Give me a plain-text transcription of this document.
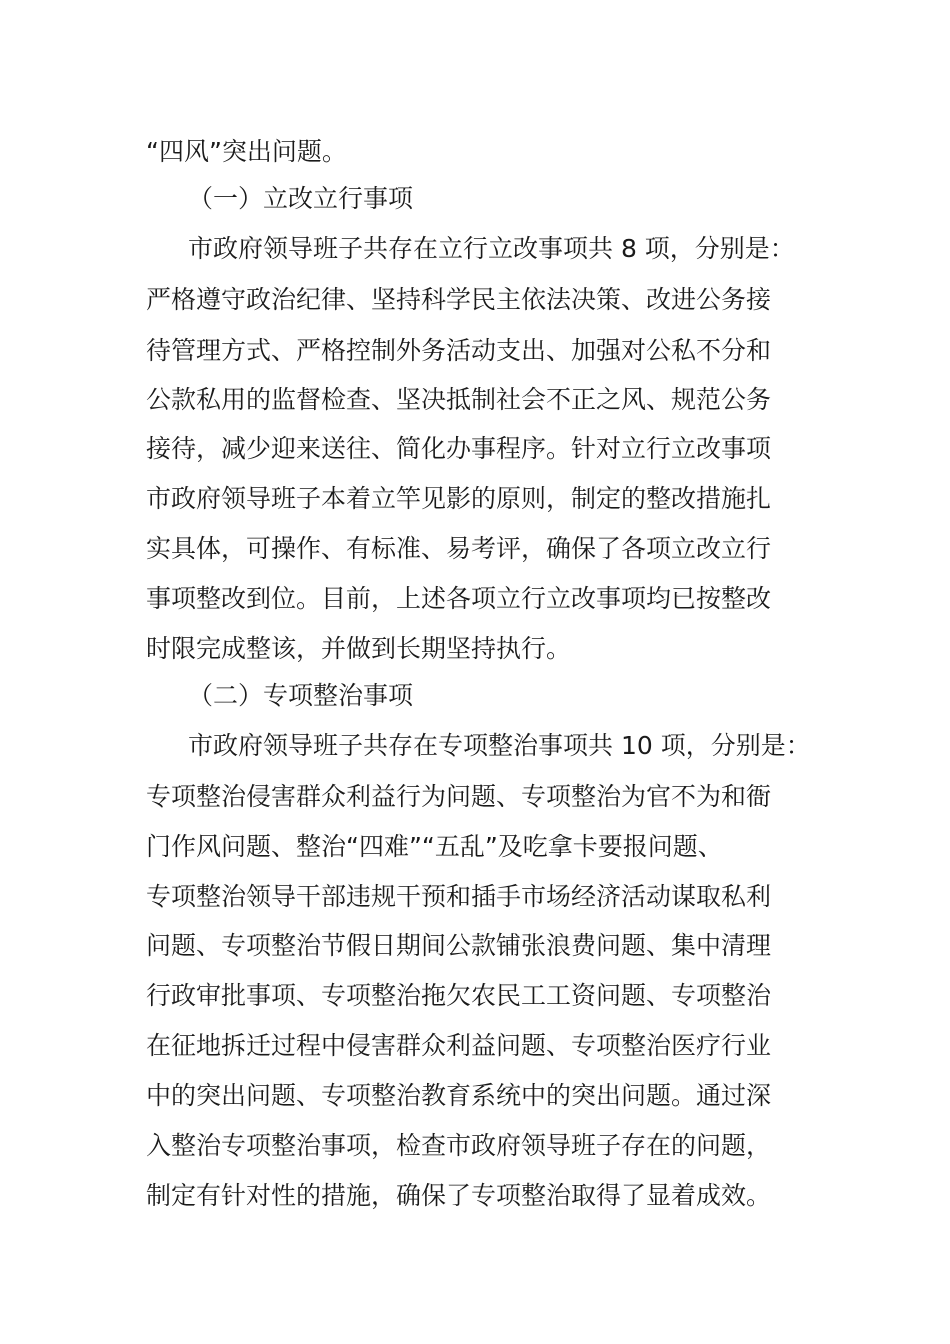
“四风”突出问题。
（一）立改立行事项
市政府领导班子共存在立行立改事项共 8 项，分别是：
严格遵守政治纪律、坚持科学民主依法决策、改进公务接
待管理方式、严格控制外务活动支出、加强对公私不分和
公款私用的监督检查、坚决抵制社会不正之风、规范公务
接待，减少迎来送往、简化办事程序。针对立行立改事项
市政府领导班子本着立竿见影的原则，制定的整改措施扎
实具体，可操作、有标准、易考评，确保了各项立改立行
事项整改到位。目前，上述各项立行立改事项均已按整改
时限完成整该，并做到长期坚持执行。
（二）专项整治事项
市政府领导班子共存在专项整治事项共 10 项，分别是：
专项整治侵害群众利益行为问题、专项整治为官不为和衙
门作风问题、整治“四难”“五乱”及吃拿卡要报问题、
专项整治领导干部违规干预和插手市场经济活动谋取私利
问题、专项整治节假日期间公款铺张浪费问题、集中清理
行政审批事项、专项整治拖欠农民工工资问题、专项整治
在征地拆迁过程中侵害群众利益问题、专项整治医疗行业
中的突出问题、专项整治教育系统中的突出问题。通过深
入整治专项整治事项，检查市政府领导班子存在的问题，
制定有针对性的措施，确保了专项整治取得了显着成效。
